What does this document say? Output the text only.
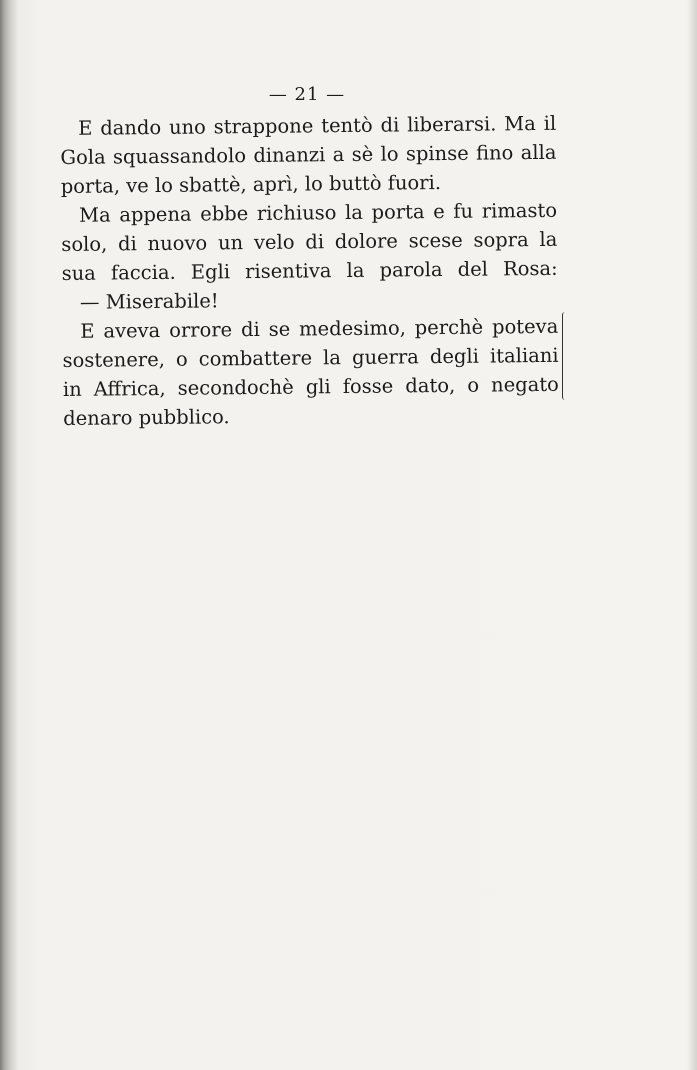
— 21 —
E dando uno strappone tentò di liberarsi. Ma il
Gola squassandolo dinanzi a sè lo spinse fino alla
porta, ve lo sbattè, aprì, lo buttò fuori.
Ma appena ebbe richiuso la porta e fu rimasto
solo, di nuovo un velo di dolore scese sopra la
sua faccia. Egli risentiva la parola del Rosa:
— Miserabile!
E aveva orrore di se medesimo, perchè poteva
sostenere, o combattere la guerra degli italiani
in Affrica, secondochè gli fosse dato, o negato
denaro pubblico.
